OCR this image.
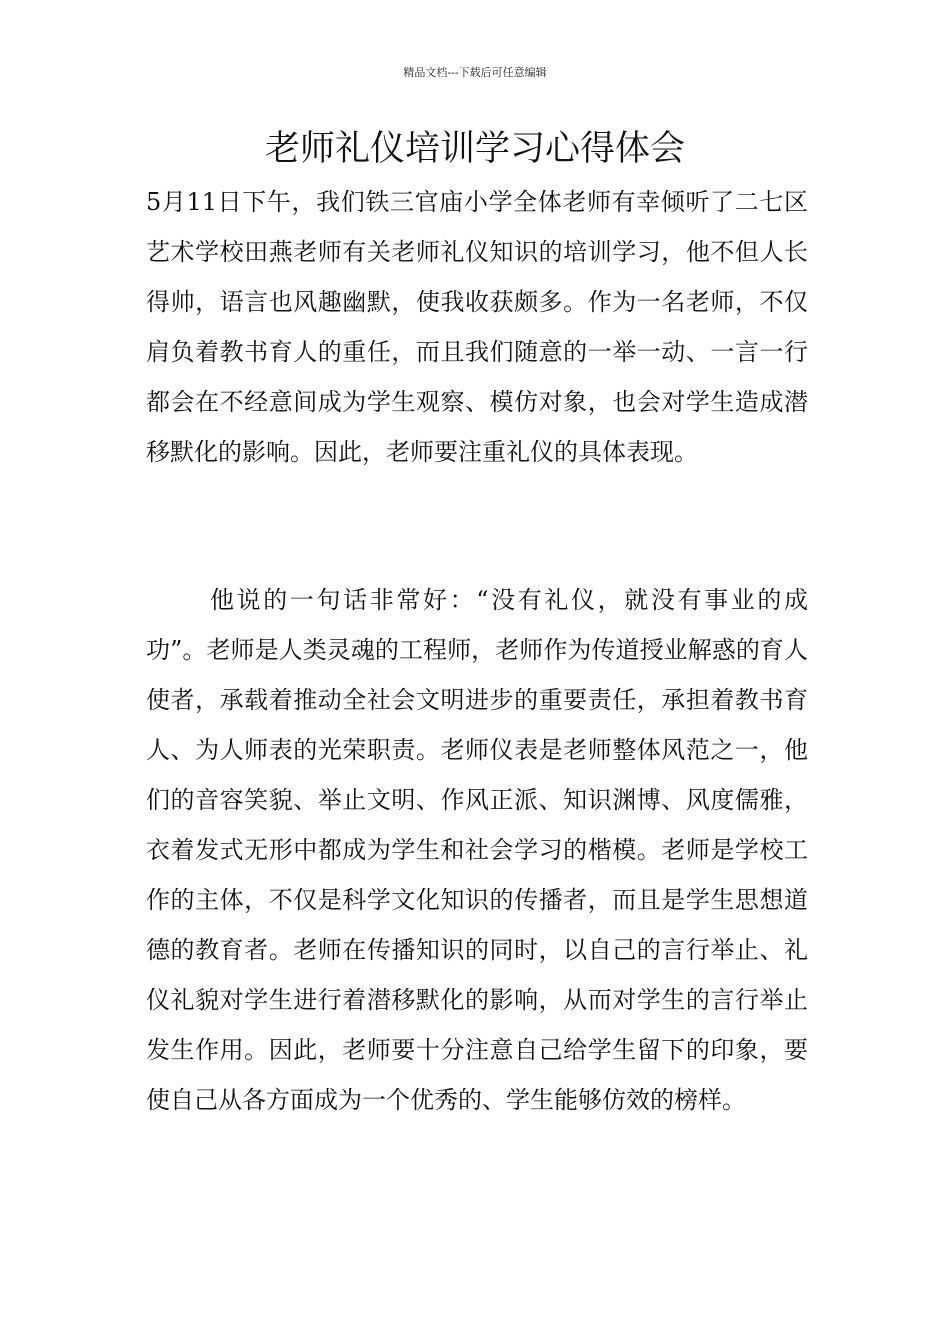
精品文档---下载后可任意编辑
老师礼仪培训学习心得体会

5月11日下午，我们铁三官庙小学全体老师有幸倾听了二七区艺术学校田燕老师有关老师礼仪知识的培训学习，他不但人长得帅，语言也风趣幽默，使我收获颇多。作为一名老师，不仅肩负着教书育人的重任，而且我们随意的一举一动、一言一行都会在不经意间成为学生观察、模仿对象，也会对学生造成潜移默化的影响。因此，老师要注重礼仪的具体表现。

他说的一句话非常好：“没有礼仪，就没有事业的成功”。老师是人类灵魂的工程师，老师作为传道授业解惑的育人使者，承载着推动全社会文明进步的重要责任，承担着教书育人、为人师表的光荣职责。老师仪表是老师整体风范之一，他们的音容笑貌、举止文明、作风正派、知识渊博、风度儒雅，衣着发式无形中都成为学生和社会学习的楷模。老师是学校工作的主体，不仅是科学文化知识的传播者，而且是学生思想道德的教育者。老师在传播知识的同时，以自己的言行举止、礼仪礼貌对学生进行着潜移默化的影响，从而对学生的言行举止发生作用。因此，老师要十分注意自己给学生留下的印象，要使自己从各方面成为一个优秀的、学生能够仿效的榜样。
